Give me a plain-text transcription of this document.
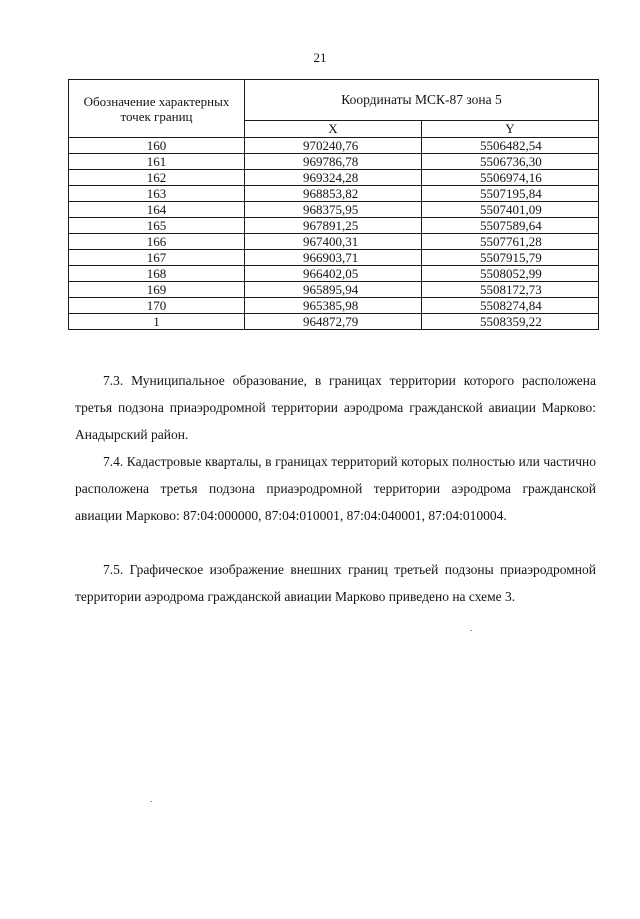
21
Обозначение характерных точек границ	Координаты МСК-87 зона 5	
	X	Y
160	970240,76	5506482,54
161	969786,78	5506736,30
162	969324,28	5506974,16
163	968853,82	5507195,84
164	968375,95	5507401,09
165	967891,25	5507589,64
166	967400,31	5507761,28
167	966903,71	5507915,79
168	966402,05	5508052,99
169	965895,94	5508172,73
170	965385,98	5508274,84
1	964872,79	5508359,22
7.3. Муниципальное образование, в границах территории которого расположена третья подзона приаэродромной территории аэродрома гражданской авиации Марково: Анадырский район.
7.4. Кадастровые кварталы, в границах территорий которых полностью или частично расположена третья подзона приаэродромной территории аэродрома гражданской авиации Марково: 87:04:000000, 87:04:010001, 87:04:040001, 87:04:010004.
7.5. Графическое изображение внешних границ третьей подзоны приаэродромной территории аэродрома гражданской авиации Марково приведено на схеме 3.
